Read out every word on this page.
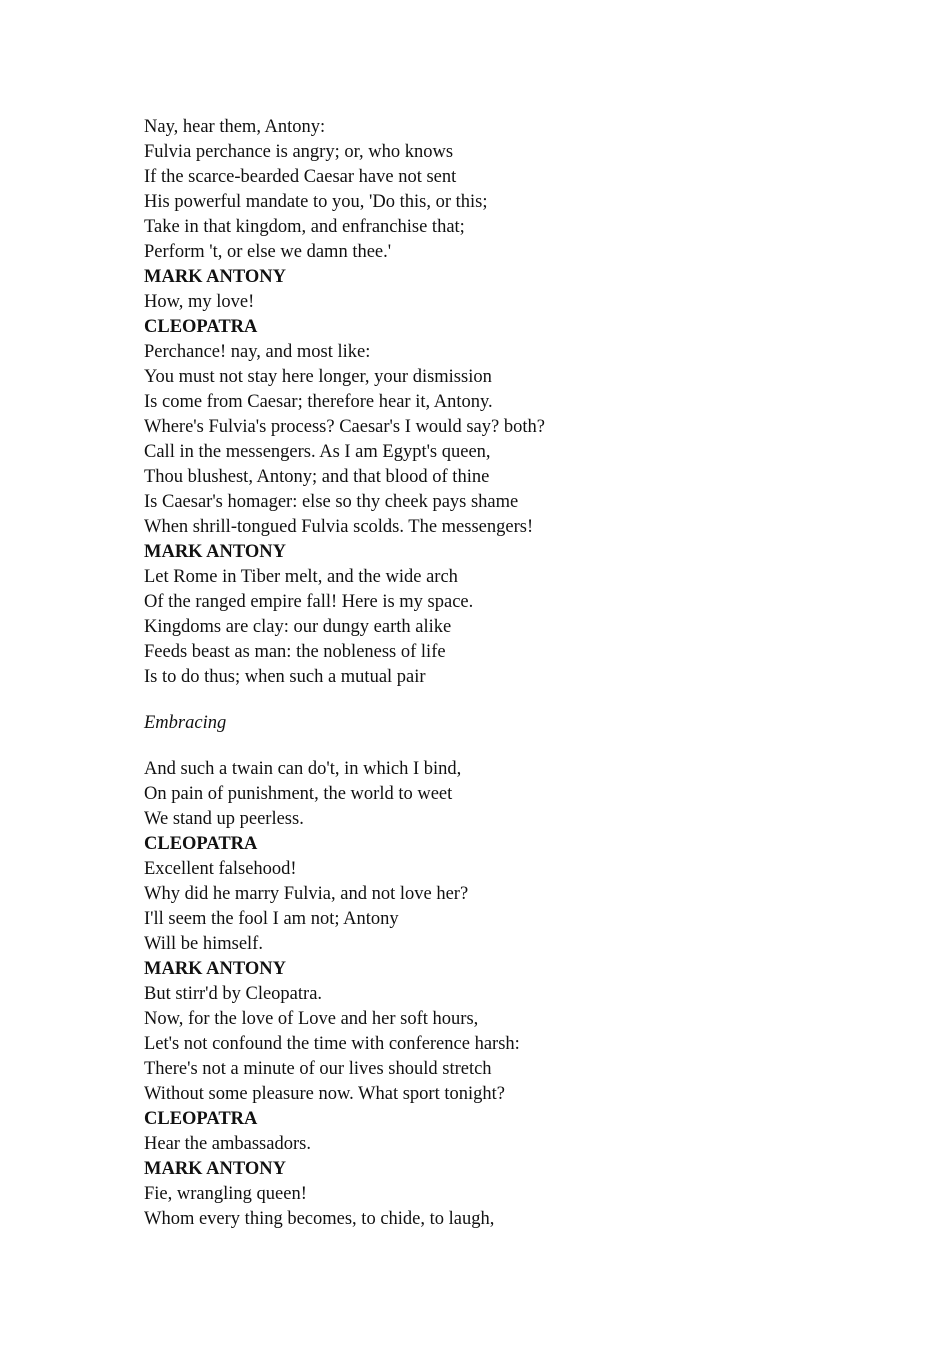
Nay, hear them, Antony:
Fulvia perchance is angry; or, who knows
If the scarce-bearded Caesar have not sent
His powerful mandate to you, 'Do this, or this;
Take in that kingdom, and enfranchise that;
Perform 't, or else we damn thee.'
MARK ANTONY
How, my love!
CLEOPATRA
Perchance! nay, and most like:
You must not stay here longer, your dismission
Is come from Caesar; therefore hear it, Antony.
Where's Fulvia's process? Caesar's I would say? both?
Call in the messengers. As I am Egypt's queen,
Thou blushest, Antony; and that blood of thine
Is Caesar's homager: else so thy cheek pays shame
When shrill-tongued Fulvia scolds. The messengers!
MARK ANTONY
Let Rome in Tiber melt, and the wide arch
Of the ranged empire fall! Here is my space.
Kingdoms are clay: our dungy earth alike
Feeds beast as man: the nobleness of life
Is to do thus; when such a mutual pair
Embracing
And such a twain can do't, in which I bind,
On pain of punishment, the world to weet
We stand up peerless.
CLEOPATRA
Excellent falsehood!
Why did he marry Fulvia, and not love her?
I'll seem the fool I am not; Antony
Will be himself.
MARK ANTONY
But stirr'd by Cleopatra.
Now, for the love of Love and her soft hours,
Let's not confound the time with conference harsh:
There's not a minute of our lives should stretch
Without some pleasure now. What sport tonight?
CLEOPATRA
Hear the ambassadors.
MARK ANTONY
Fie, wrangling queen!
Whom every thing becomes, to chide, to laugh,
